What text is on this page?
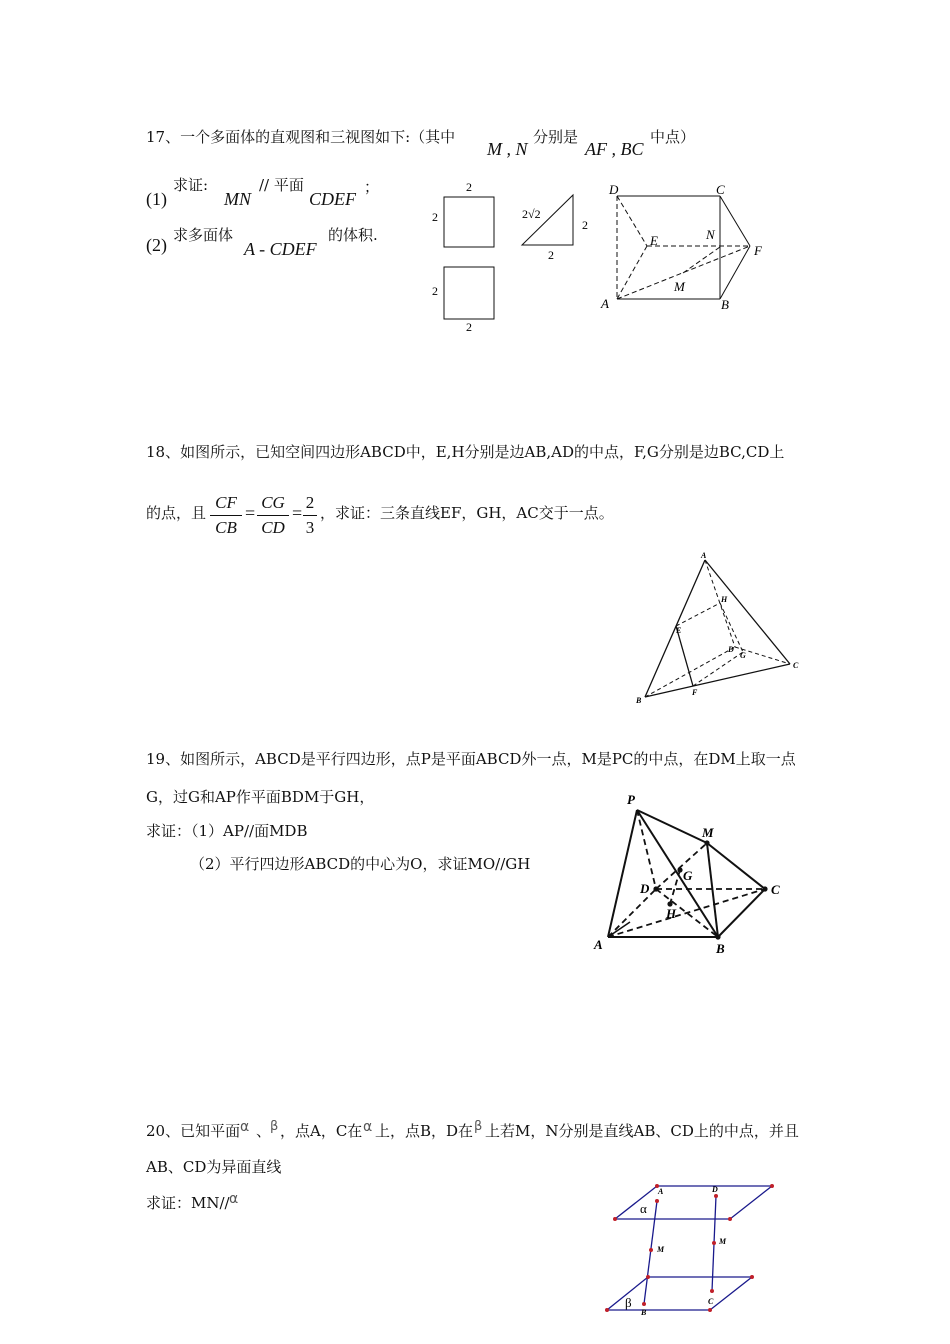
17、一个多面体的直观图和三视图如下:（其中
M , N
分别是
AF , BC
中点）
(1)
求证:
MN
// 平面
CDEF
；
(2) 求多面体
A - CDEF
的体积.
2
2	2√2
2
2
2
2
D	C
E	N
F
M
A	B
18、如图所示，已知空间四边形ABCD中，E,H分别是边AB,AD的中点，F,G分别是边BC,CD上
的点，且
CF
CB
=
CG
CD
=
2
3
，求证：三条直线EF，GH，AC交于一点。
A
H
E
D
G
C
B
F
19、如图所示，ABCD是平行四边形，点P是平面ABCD外一点，M是PC的中点，在DM上取一点
G，过G和AP作平面BDM于GH，
求证：（1）AP//面MDB
（2）平行四边形ABCD的中心为O，求证MO//GH
P
M
D
G
C
H
A	B
20、已知平面 α 、
β ，点A，C在 α 上，点B，D在 β 上若M，N分别是直线AB、CD上的中点，并且
AB、CD为异面直线
求证：MN// α	A	D
M
M
B
C
α
β
